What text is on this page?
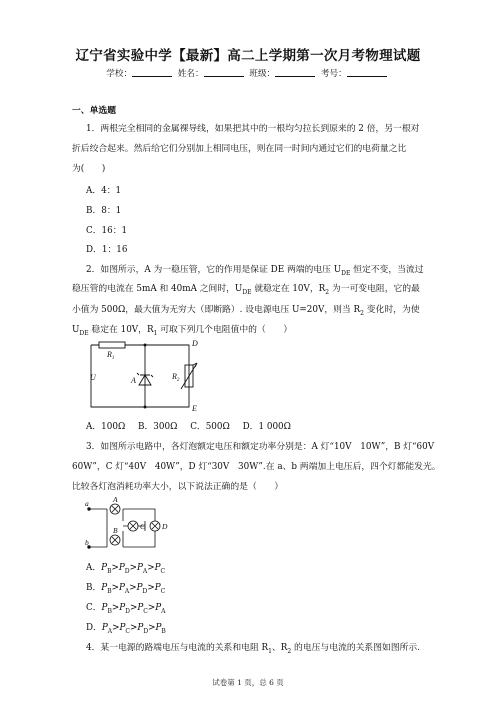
辽宁省实验中学【最新】高二上学期第一次月考物理试题
学校：	姓名：	班级：	考号：
一、单选题
1．两根完全相同的金属裸导线，如果把其中的一根均匀拉长到原来的 2 倍，另一根对
折后绞合起来。然后给它们分别加上相同电压，则在同一时间内通过它们的电荷量之比
为(　　)
A．4：1
B．8：1
C．16：1
D．1：16
2．如图所示，A 为一稳压管，它的作用是保证 DE 两端的电压 $U_{DE}$ 恒定不变，当流过
稳压管的电流在 5mA 和 40mA 之间时，$U_{DE}$ 就稳定在 10V，$R_2$ 为一可变电阻，它的最
小值为 500Ω，最大值为无穷大（即断路）. 设电源电压 U=20V，则当 $R_2$ 变化时，为使
$U_{DE}$ 稳定在 10V，$R_1$ 可取下列几个电阻值中的（　　）
$R_1$
D
U	A	$R_2$
E
A．100Ω B．300Ω C．500Ω D．1 000Ω
3．如图所示电路中，各灯泡额定电压和额定功率分别是：A 灯“10V　10W”，B 灯“60V
60W”，C 灯“40V　40W”，D 灯“30V　30W”.在 a、b 两端加上电压后，四个灯都能发光。
比较各灯泡消耗功率大小，以下说法正确的是（　　）
a
b
A
B	C D
A．$P_B>P_D>P_A>P_C$
B．$P_B>P_A>P_D>P_C$
C．$P_B>P_D>P_C>P_A$
D．$P_A>P_C>P_D>P_B$
4．某一电源的路端电压与电流的关系和电阻 $R_1$、$R_2$ 的电压与电流的关系图如图所示.
试卷第 1 页，总 6 页
